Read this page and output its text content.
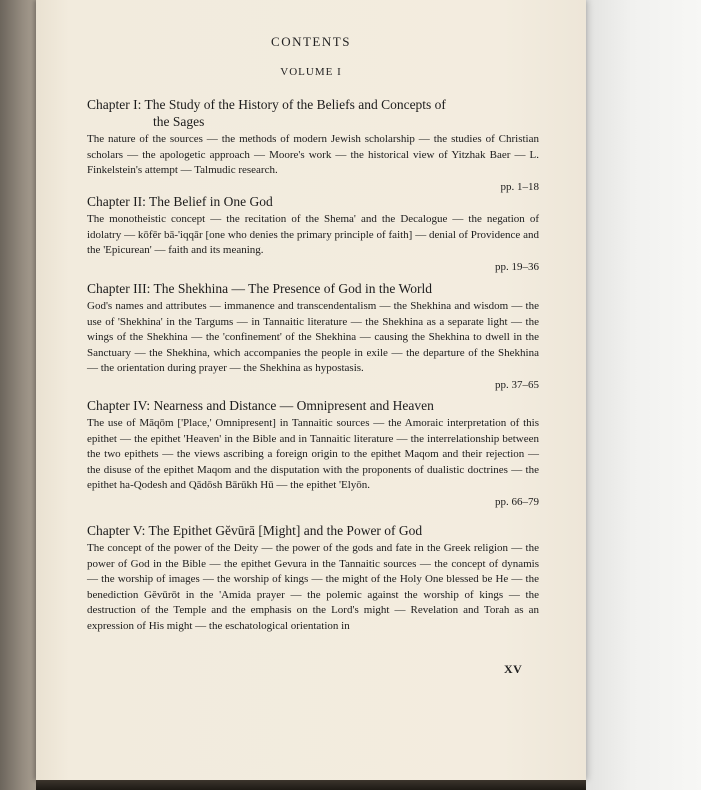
CONTENTS
VOLUME I

Chapter I: The Study of the History of the Beliefs and Concepts of
the Sages

The nature of the sources — the methods of modern Jewish scholarship — the studies of Christian scholars — the apologetic approach — Moore's work — the historical view of Yitzhak Baer — L. Finkelstein's attempt — Talmudic research.

pp. 1–18

Chapter II: The Belief in One God

The monotheistic concept — the recitation of the Shema' and the Decalogue — the negation of idolatry — kōfēr bā-'iqqār [one who denies the primary principle of faith] — denial of Providence and the 'Epicurean' — faith and its meaning.

pp. 19–36

Chapter III: The Shekhina — The Presence of God in the World

God's names and attributes — immanence and transcendentalism — the Shekhina and wisdom — the use of 'Shekhina' in the Targums — in Tannaitic literature — the Shekhina as a separate light — the wings of the Shekhina — the 'confinement' of the Shekhina — causing the Shekhina to dwell in the Sanctuary — the Shekhina, which accompanies the people in exile — the departure of the Shekhina — the orientation during prayer — the Shekhina as hypostasis.

pp. 37–65

Chapter IV: Nearness and Distance — Omnipresent and Heaven

The use of Māqōm ['Place,' Omnipresent] in Tannaitic sources — the Amoraic interpretation of this epithet — the epithet 'Heaven' in the Bible and in Tannaitic literature — the interrelationship between the two epithets — the views ascribing a foreign origin to the epithet Maqom and their rejection — the disuse of the epithet Maqom and the disputation with the proponents of dualistic doctrines — the epithet ha-Qodesh and Qādōsh Bārūkh Hū — the epithet 'Elyōn.

pp. 66–79

Chapter V: The Epithet Gĕvūrā [Might] and the Power of God

The concept of the power of the Deity — the power of the gods and fate in the Greek religion — the power of God in the Bible — the epithet Gevura in the Tannaitic sources — the concept of dynamis — the worship of images — the worship of kings — the might of the Holy One blessed be He — the benediction Gĕvūrōt in the 'Amida prayer — the polemic against the worship of kings — the destruction of the Temple and the emphasis on the Lord's might — Revelation and Torah as an expression of His might — the eschatological orientation in

XV
